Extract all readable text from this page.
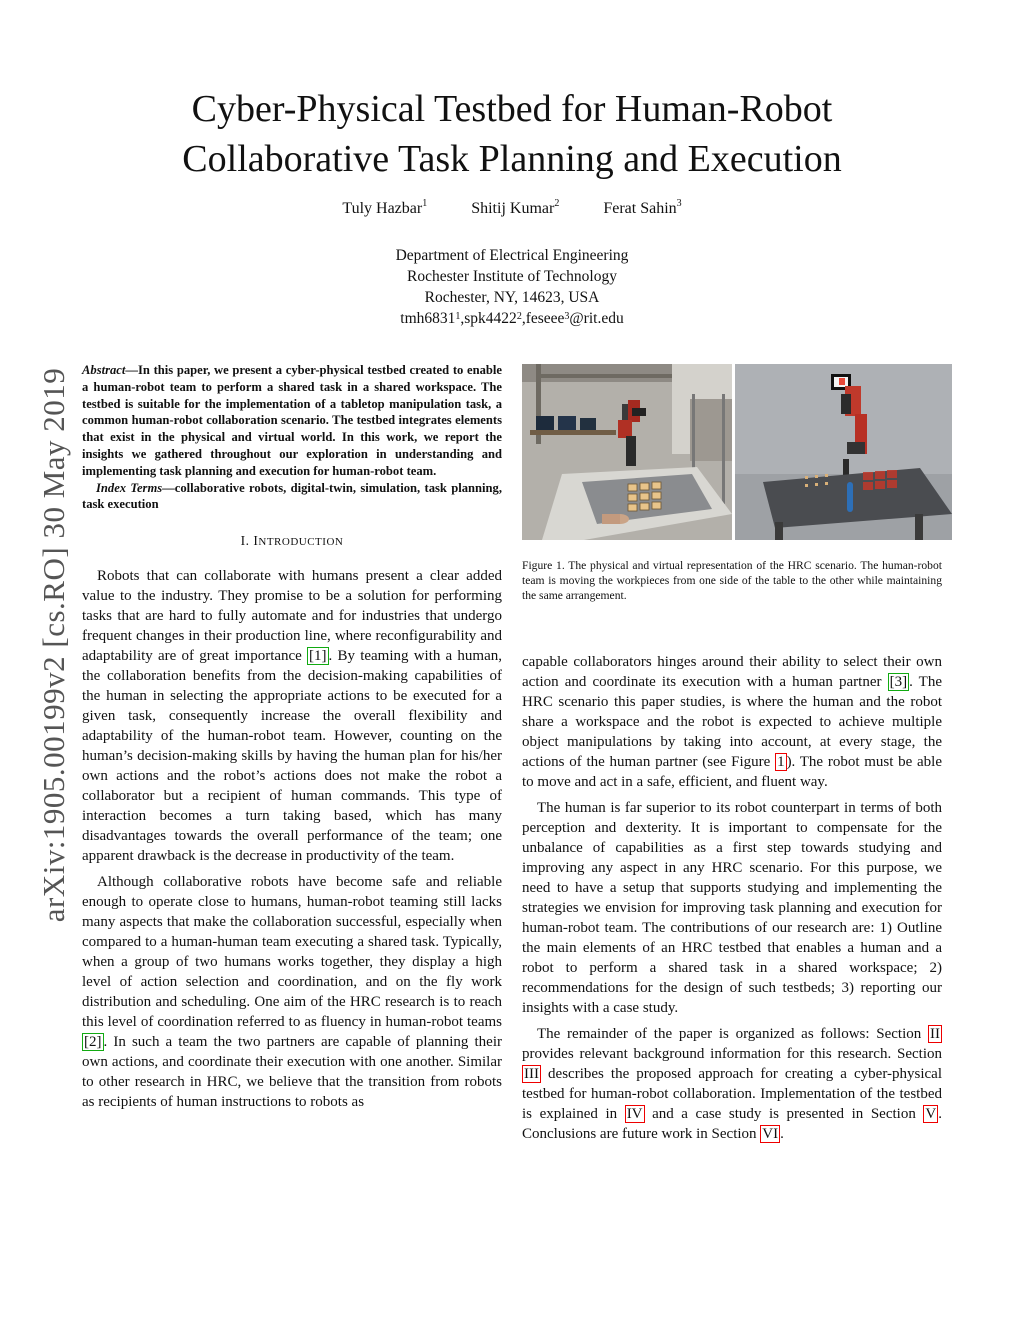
Cyber-Physical Testbed for Human-Robot
Collaborative Task Planning and Execution
Tuly Hazbar$^1$	Shitij Kumar$^2$	Ferat Sahin$^3$
Department of Electrical Engineering
Rochester Institute of Technology
Rochester, NY, 14623, USA
tmh6831$^1$,spk4422$^2$,feseee$^3$@rit.edu
arXiv:1905.00199v2 [cs.RO] 30 May 2019 Abstract—In this paper, we present a cyber-physical testbed created to enable a human-robot team to perform a shared task in a shared workspace. The testbed is suitable for the implementation of a tabletop manipulation task, a common human-robot collaboration scenario. The testbed integrates elements that exist in the physical and virtual world. In this work, we report the insights we gathered throughout our exploration in understanding and implementing task planning and execution for human-robot team.

Index Terms—collaborative robots, digital-twin, simulation, task planning, task execution

I. INTRODUCTION

Robots that can collaborate with humans present a clear added value to the industry. They promise to be a solution for performing tasks that are hard to fully automate and for industries that undergo frequent changes in their production line, where reconfigurability and adaptability are of great importance [1] . By teaming with a human, the collaboration benefits from the decision-making capabilities of the human in selecting the appropriate actions to be executed for a given task, consequently increase the overall flexibility and adaptability of the human-robot team. However, counting on the human’s decision-making skills by having the human plan for his/her own actions and the robot’s actions does not make the robot a collaborator but a recipient of human commands. This type of interaction becomes a turn taking based, which has many disadvantages towards the overall performance of the team; one apparent drawback is the decrease in productivity of the team.

Although collaborative robots have become safe and reliable enough to operate close to humans, human-robot teaming still lacks many aspects that make the collaboration successful, especially when compared to a human-human team executing a shared task. Typically, when a group of two humans works together, they display a high level of action selection and coordination, and on the fly work distribution and scheduling. One aim of the HRC research is to reach this level of coordination referred to as fluency in human-robot teams [2] . In such a team the two partners are capable of planning their own actions, and coordinate their execution with one another. Similar to other research in HRC, we believe that the transition from robots as recipients of human instructions to robots as

Figure 1. The physical and virtual representation of the HRC scenario. The human-robot team is moving the workpieces from one side of the table to the other while maintaining the same arrangement.

capable collaborators hinges around their ability to select their own action and coordinate its execution with a human partner [3] . The HRC scenario this paper studies, is where the human and the robot share a workspace and the robot is expected to achieve multiple object manipulations by taking into account, at every stage, the actions of the human partner (see Figure 1 ). The robot must be able to move and act in a safe, efficient, and fluent way.

The human is far superior to its robot counterpart in terms of both perception and dexterity. It is important to compensate for the unbalance of capabilities as a first step towards studying and improving any aspect in any HRC scenario. For this purpose, we need to have a setup that supports studying and implementing the strategies we envision for improving task planning and execution for human-robot team. The contributions of our research are: 1) Outline the main elements of an HRC testbed that enables a human and a robot to perform a shared task in a shared workspace; 2) recommendations for the design of such testbeds; 3) reporting our insights with a case study.

The remainder of the paper is organized as follows: Section II provides relevant background information for this research. Section III describes the proposed approach for creating a cyber-physical testbed for human-robot collaboration. Implementation of the testbed is explained in IV and a case study is presented in Section V . Conclusions are future work in Section VI .
